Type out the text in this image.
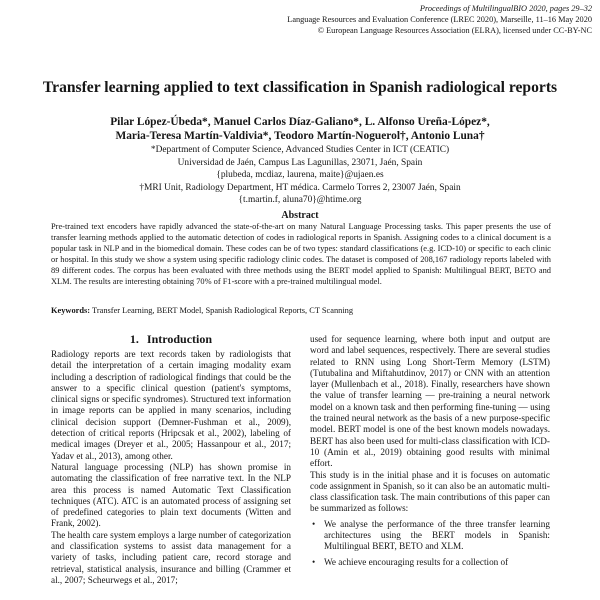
Proceedings of MultilingualBIO 2020, pages 29–32
Language Resources and Evaluation Conference (LREC 2020), Marseille, 11–16 May 2020
© European Language Resources Association (ELRA), licensed under CC-BY-NC
Transfer learning applied to text classification in Spanish radiological reports
Pilar López-Úbeda*, Manuel Carlos Díaz-Galiano*, L. Alfonso Ureña-López*,
Maria-Teresa Martín-Valdivia*, Teodoro Martín-Noguerol†, Antonio Luna†
*Department of Computer Science, Advanced Studies Center in ICT (CEATIC)
Universidad de Jaén, Campus Las Lagunillas, 23071, Jaén, Spain
{plubeda, mcdiaz, laurena, maite}@ujaen.es
†MRI Unit, Radiology Department, HT médica. Carmelo Torres 2, 23007 Jaén, Spain
{t.martin.f, aluna70}@htime.org
Abstract
Pre-trained text encoders have rapidly advanced the state-of-the-art on many Natural Language Processing tasks. This paper presents the use of transfer learning methods applied to the automatic detection of codes in radiological reports in Spanish. Assigning codes to a clinical document is a popular task in NLP and in the biomedical domain. These codes can be of two types: standard classifications (e.g. ICD-10) or specific to each clinic or hospital. In this study we show a system using specific radiology clinic codes. The dataset is composed of 208,167 radiology reports labeled with 89 different codes. The corpus has been evaluated with three methods using the BERT model applied to Spanish: Multilingual BERT, BETO and XLM. The results are interesting obtaining 70% of F1-score with a pre-trained multilingual model.
Keywords: Transfer Learning, BERT Model, Spanish Radiological Reports, CT Scanning
1. Introduction

Radiology reports are text records taken by radiologists that detail the interpretation of a certain imaging modality exam including a description of radiological findings that could be the answer to a specific clinical question (patient's symptoms, clinical signs or specific syndromes). Structured text information in image reports can be applied in many scenarios, including clinical decision support (Demner-Fushman et al., 2009), detection of critical reports (Hripcsak et al., 2002), labeling of medical images (Dreyer et al., 2005; Hassanpour et al., 2017; Yadav et al., 2013), among other.

Natural language processing (NLP) has shown promise in automating the classification of free narrative text. In the NLP area this process is named Automatic Text Classification techniques (ATC). ATC is an automated process of assigning set of predefined categories to plain text documents (Witten and Frank, 2002).

The health care system employs a large number of categorization and classification systems to assist data management for a variety of tasks, including patient care, record storage and retrieval, statistical analysis, insurance and billing (Crammer et al., 2007; Scheurwegs et al., 2017;

used for sequence learning, where both input and output are word and label sequences, respectively. There are several studies related to RNN using Long Short-Term Memory (LSTM) (Tutubalina and Miftahutdinov, 2017) or CNN with an attention layer (Mullenbach et al., 2018). Finally, researchers have shown the value of transfer learning — pre-training a neural network model on a known task and then performing fine-tuning — using the trained neural network as the basis of a new purpose-specific model. BERT model is one of the best known models nowadays. BERT has also been used for multi-class classification with ICD-10 (Amin et al., 2019) obtaining good results with minimal effort.

This study is in the initial phase and it is focuses on automatic code assignment in Spanish, so it can also be an automatic multi-class classification task. The main contributions of this paper can be summarized as follows:

• We analyse the performance of the three transfer learning architectures using the BERT models in Spanish: Multilingual BERT, BETO and XLM.

• We achieve encouraging results for a collection of
